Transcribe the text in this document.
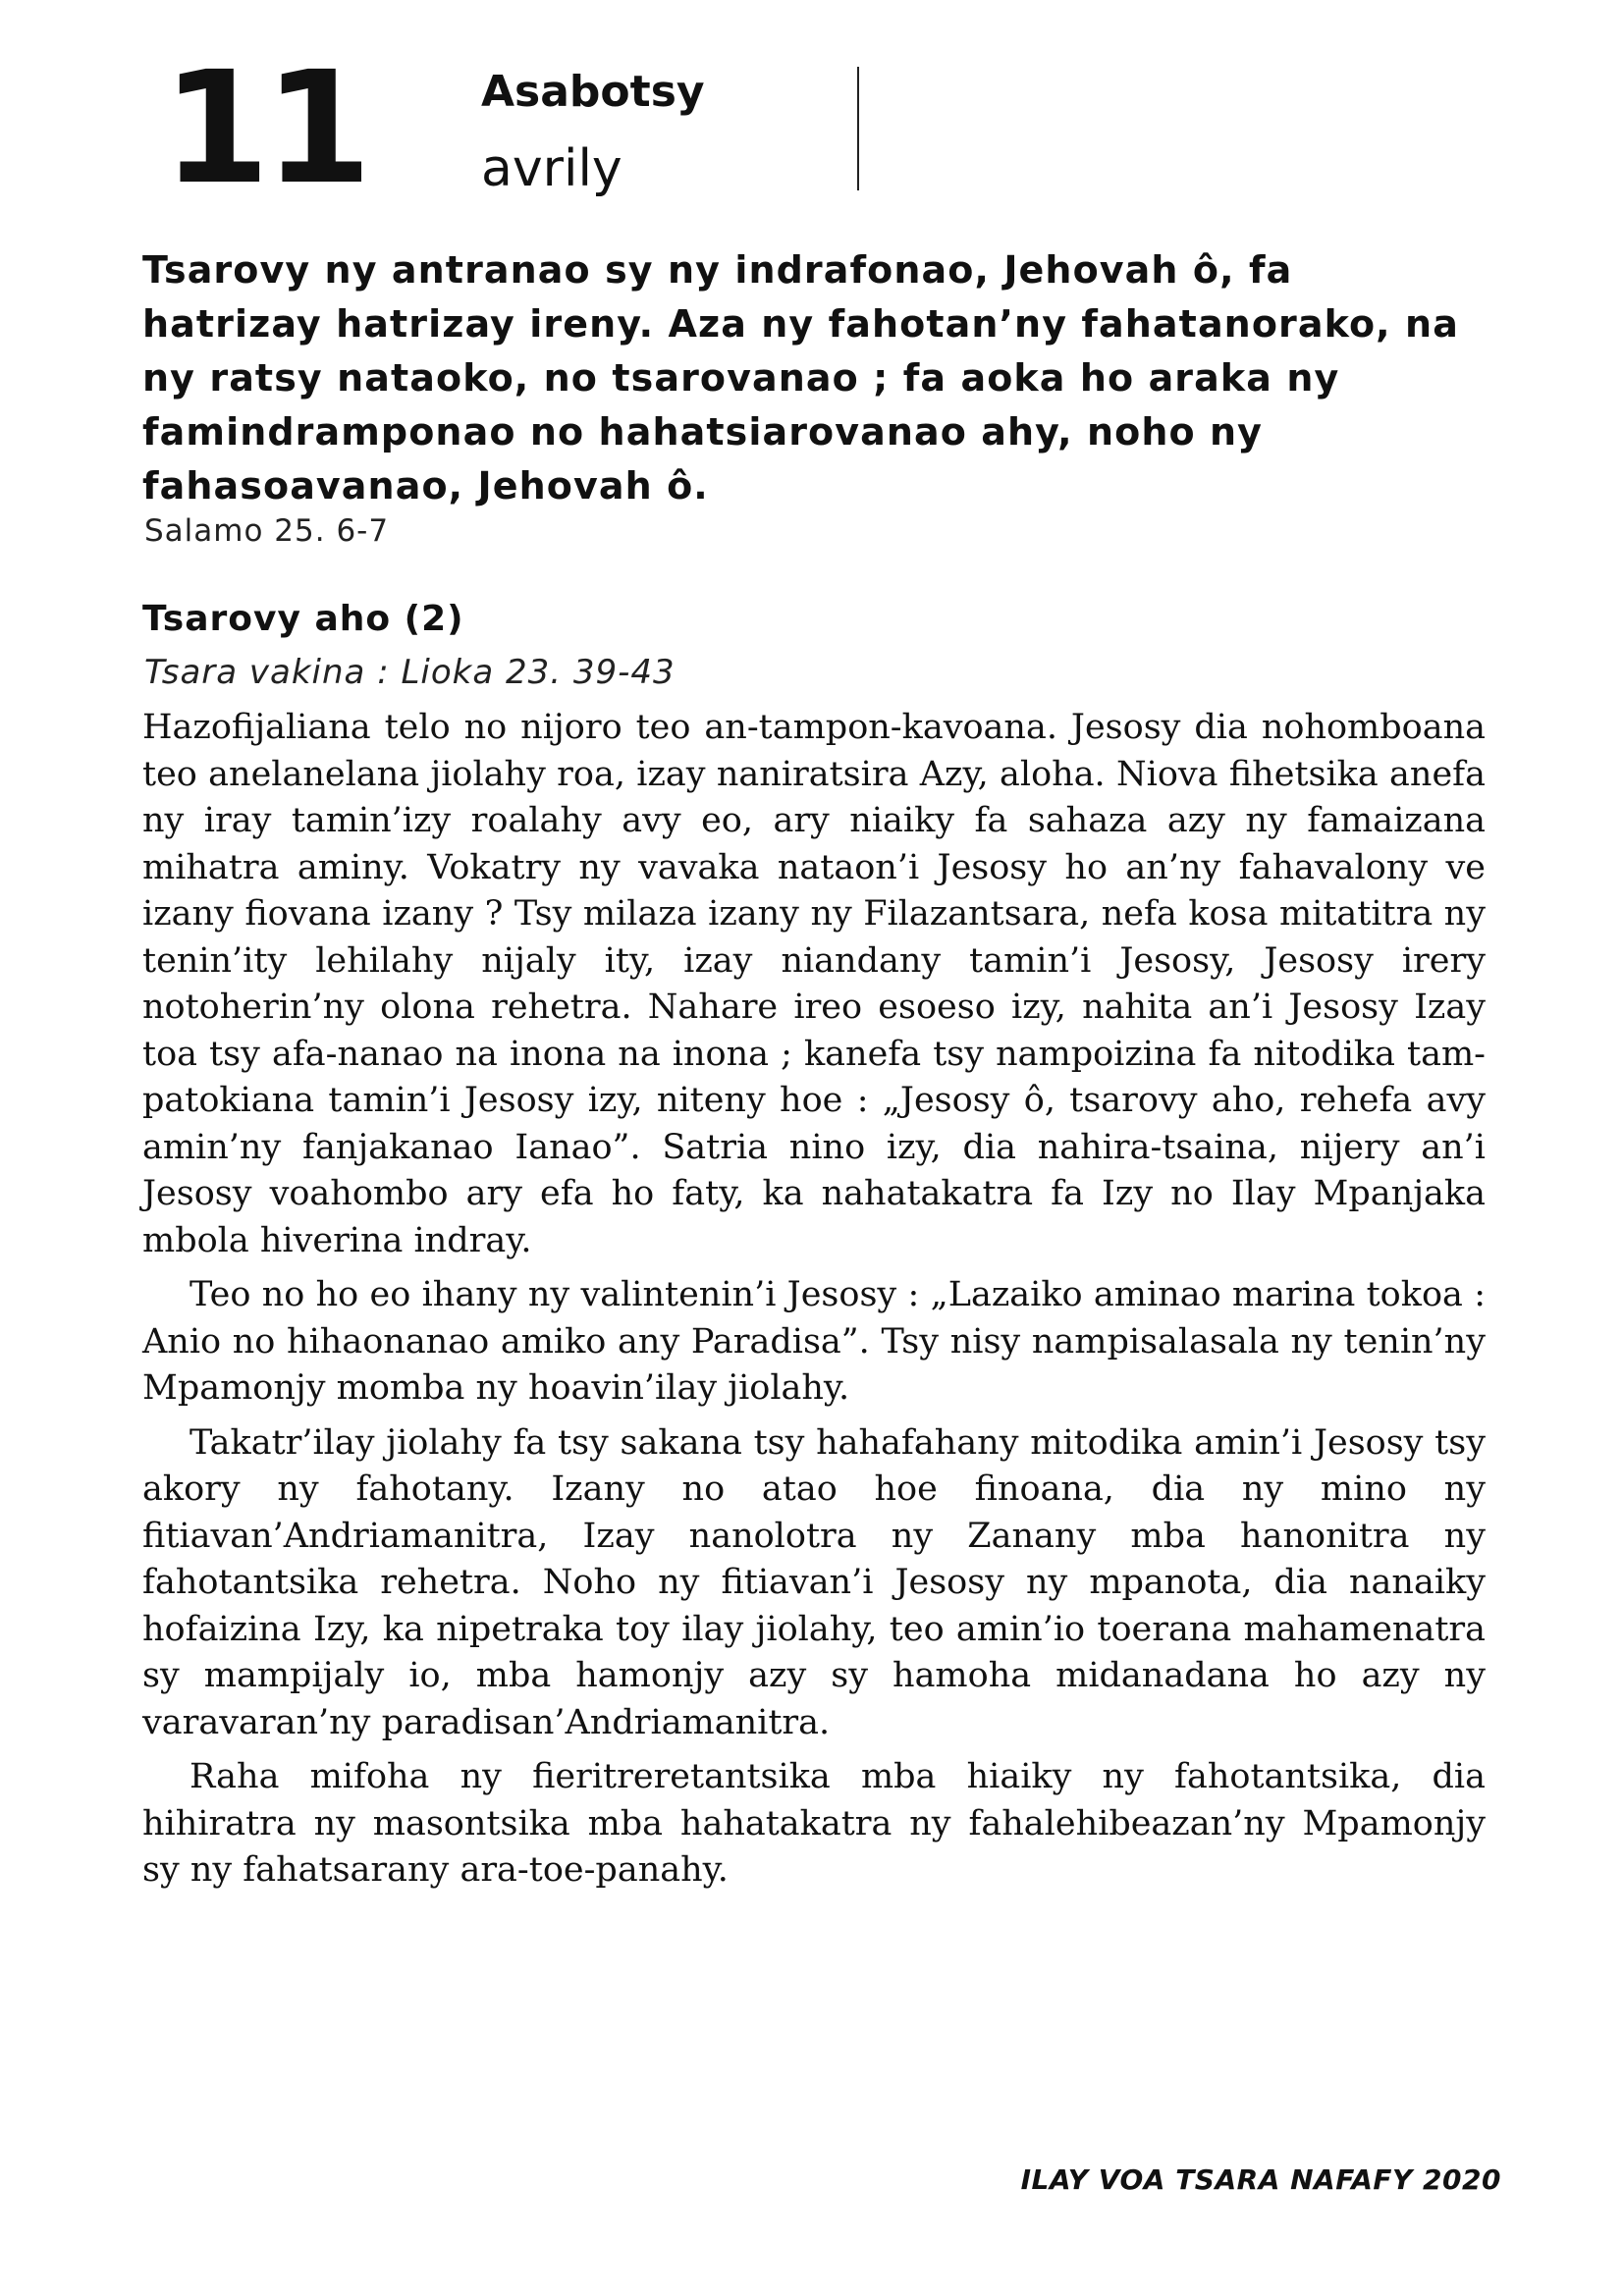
11	Asabotsy
avrily

Tsarovy ny antranao sy ny indrafonao, Jehovah ô, fa hatrizay hatrizay ireny. Aza ny fahotan’ny fahatanorako, na ny ratsy nataoko, no tsarovanao ; fa aoka ho araka ny famindramponao no hahatsiarovanao ahy, noho ny fahasoavanao, Jehovah ô.

Salamo 25. 6-7
Tsarovy aho (2)
Tsara vakina : Lioka 23. 39-43

Hazofijaliana telo no nijoro teo an-tampon-kavoana. Jesosy dia nohomboana teo anelanelana jiolahy roa, izay naniratsira Azy, aloha. Niova fihetsika anefa ny iray tamin’izy roalahy avy eo, ary niaiky fa sahaza azy ny famaizana mihatra aminy. Vokatry ny vavaka nataon’i Jesosy ho an’ny fahavalony ve izany fiovana izany ? Tsy milaza izany ny Filazantsara, nefa kosa mitatitra ny tenin’ity lehilahy nijaly ity, izay niandany tamin’i Jesosy, Jesosy irery notoherin’ny olona rehetra. Nahare ireo esoeso izy, nahita an’i Jesosy Izay toa tsy afa-nanao na inona na inona ; kanefa tsy nampoizina fa nitodika tam-patokiana tamin’i Jesosy izy, niteny hoe : „Jesosy ô, tsarovy aho, rehefa avy amin’ny fanjakanao Ianao”. Satria nino izy, dia nahira-tsaina, nijery an’i Jesosy voahombo ary efa ho faty, ka nahatakatra fa Izy no Ilay Mpanjaka mbola hiverina indray.

Teo no ho eo ihany ny valintenin’i Jesosy : „Lazaiko aminao marina tokoa : Anio no hihaonanao amiko any Paradisa”. Tsy nisy nampisalasala ny tenin’ny Mpamonjy momba ny hoavin’ilay jiolahy.

Takatr’ilay jiolahy fa tsy sakana tsy hahafahany mitodika amin’i Jesosy tsy akory ny fahotany. Izany no atao hoe finoana, dia ny mino ny fitiavan’Andriamanitra, Izay nanolotra ny Zanany mba hanonitra ny fahotantsika rehetra. Noho ny fitiavan’i Jesosy ny mpanota, dia nanaiky hofaizina Izy, ka nipetraka toy ilay jiolahy, teo amin’io toerana mahamenatra sy mampijaly io, mba hamonjy azy sy hamoha midanadana ho azy ny varavaran’ny paradisan’Andriamanitra.

Raha mifoha ny fieritreretantsika mba hiaiky ny fahotantsika, dia hihiratra ny masontsika mba hahatakatra ny fahalehibeazan’ny Mpamonjy sy ny fahatsarany ara-toe-panahy.

ILAY VOA TSARA NAFAFY 2020
